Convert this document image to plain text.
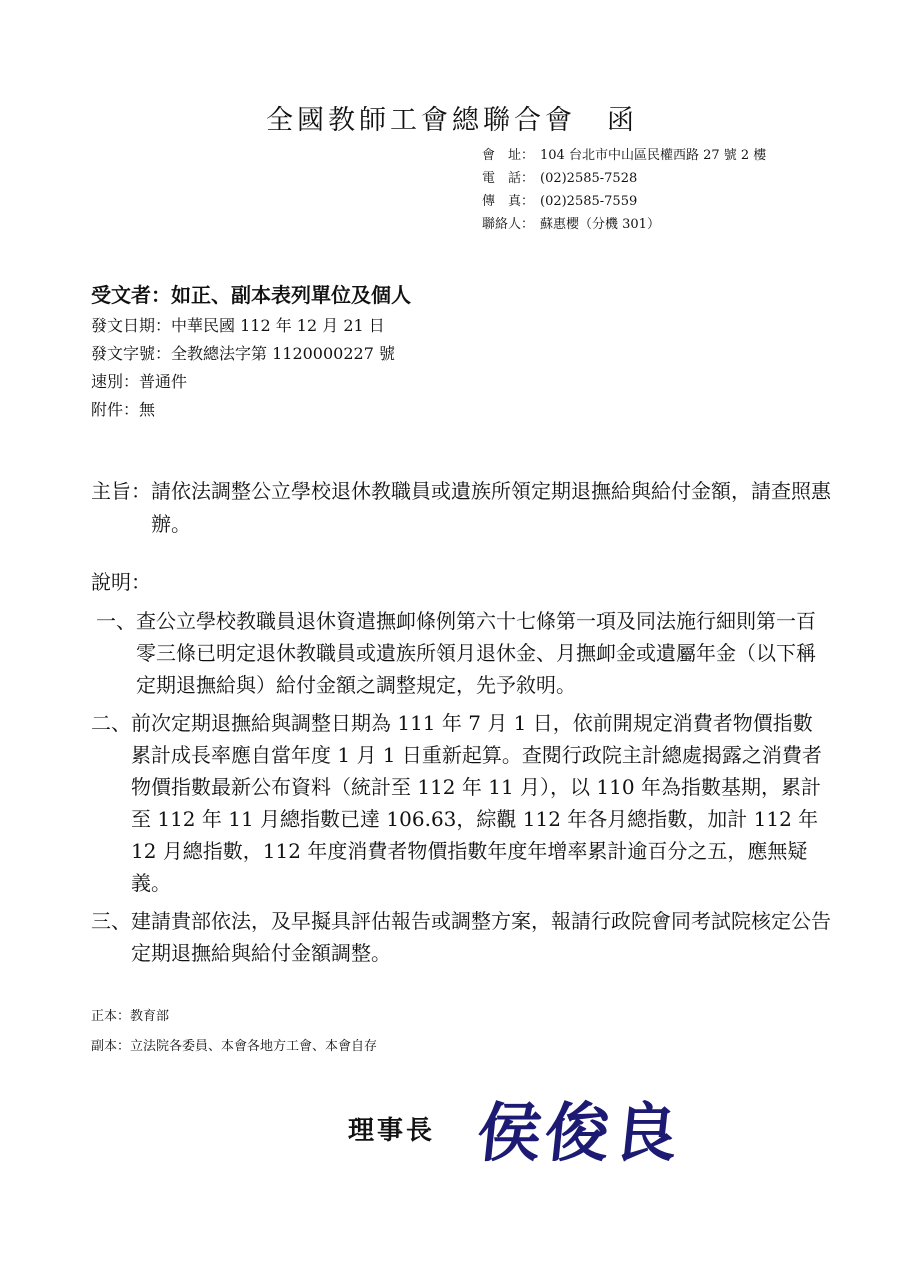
全國教師工會總聯合會　函
會　址： 104 台北市中山區民權西路 27 號 2 樓
電　話： (02)2585-7528
傳　真： (02)2585-7559
聯絡人： 蘇惠櫻（分機 301）
受文者：如正、副本表列單位及個人
發文日期：中華民國 112 年 12 月 21 日
發文字號：全教總法字第 1120000227 號
速別：普通件
附件：無
主旨： 請依法調整公立學校退休教職員或遺族所領定期退撫給與給付金額，請查照惠辦。
說明：
一、 查公立學校教職員退休資遣撫卹條例第六十七條第一項及同法施行細則第一百零三條已明定退休教職員或遺族所領月退休金、月撫卹金或遺屬年金（以下稱定期退撫給與）給付金額之調整規定，先予敘明。
二、 前次定期退撫給與調整日期為 111 年 7 月 1 日，依前開規定消費者物價指數累計成長率應自當年度 1 月 1 日重新起算。查閱行政院主計總處揭露之消費者物價指數最新公布資料（統計至 112 年 11 月），以 110 年為指數基期，累計至 112 年 11 月總指數已達 106.63，綜觀 112 年各月總指數，加計 112 年 12 月總指數，112 年度消費者物價指數年度年增率累計逾百分之五，應無疑義。
三、 建請貴部依法，及早擬具評估報告或調整方案，報請行政院會同考試院核定公告定期退撫給與給付金額調整。
正本：教育部
副本：立法院各委員、本會各地方工會、本會自存
理事長 侯俊良
